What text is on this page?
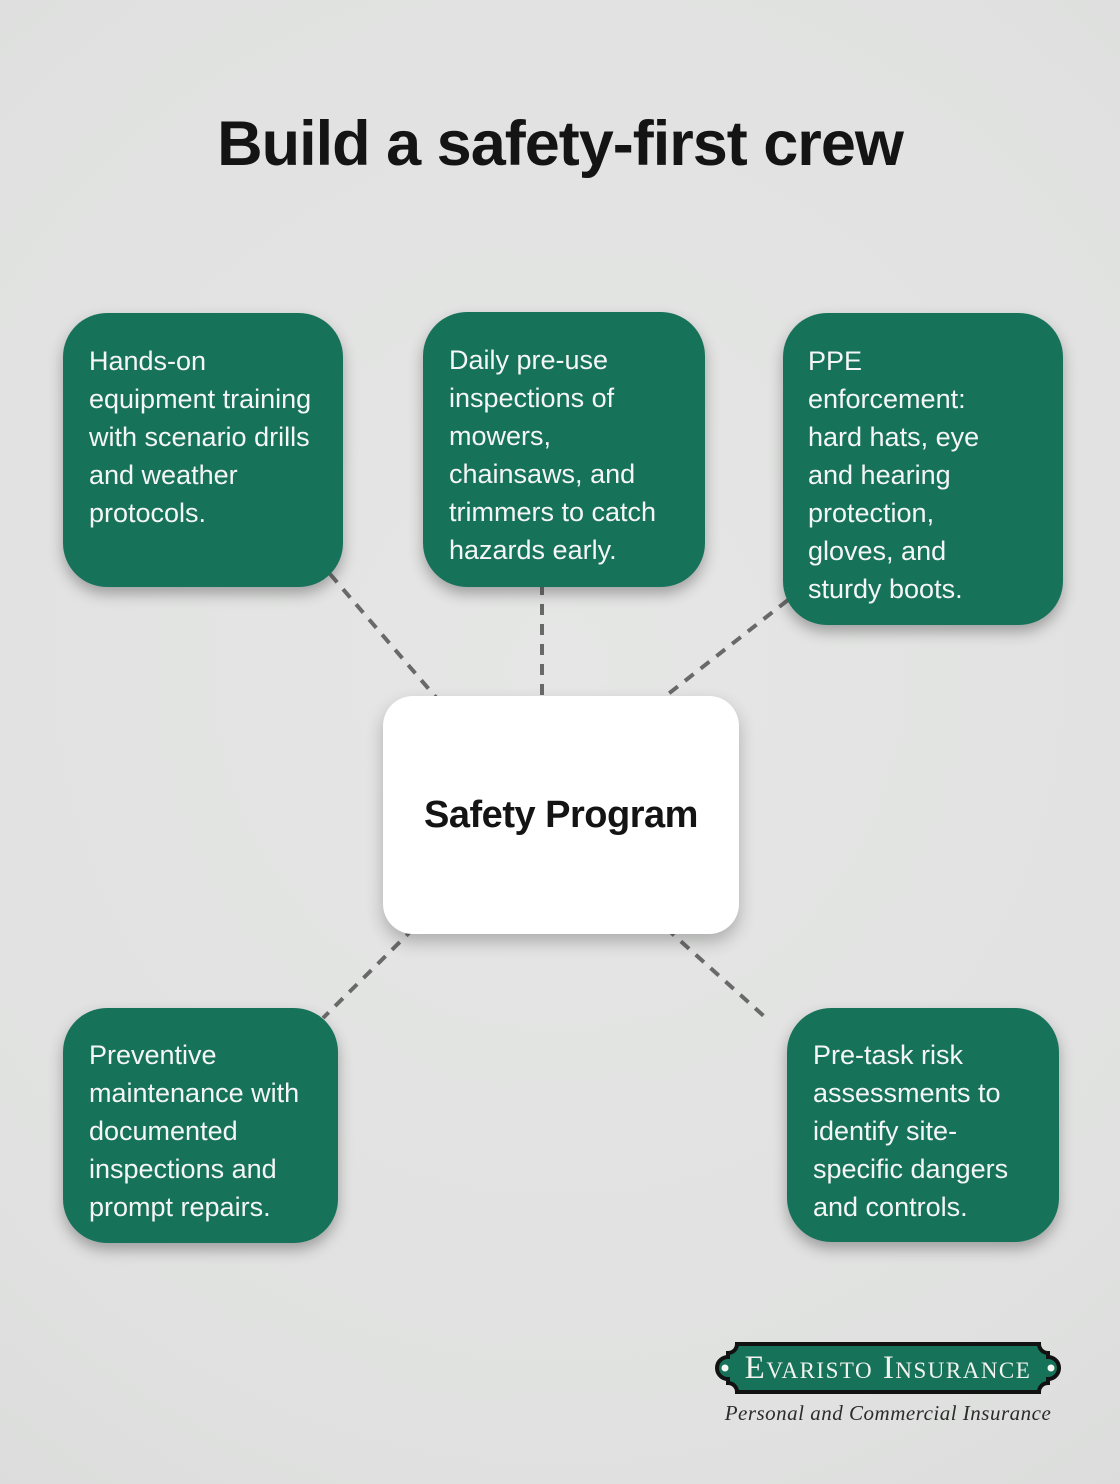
Build a safety-first crew

Hands-on equipment training with scenario drills and weather protocols.

Daily pre-use inspections of mowers, chainsaws, and trimmers to catch hazards early.

PPE enforcement: hard hats, eye and hearing protection, gloves, and sturdy boots.

Safety Program

Preventive maintenance with documented inspections and prompt repairs.

Pre-task risk assessments to identify site-specific dangers and controls.

Evaristo Insurance
Personal and Commercial Insurance
